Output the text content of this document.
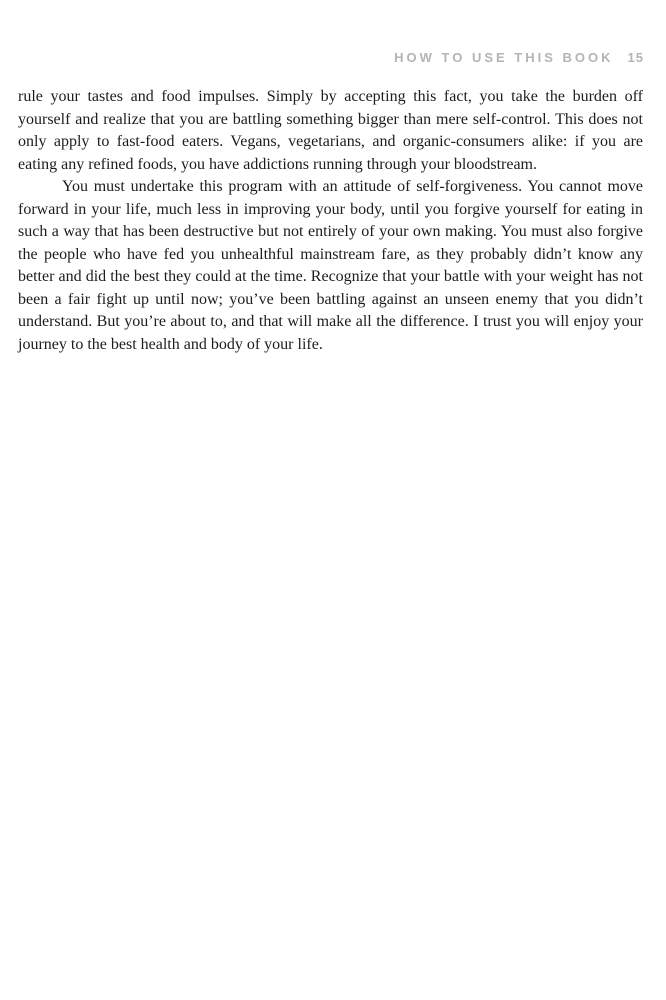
HOW TO USE THIS BOOK 15

rule your tastes and food impulses. Simply by accepting this fact, you take the burden off yourself and realize that you are battling something bigger than mere self-control. This does not only apply to fast-food eaters. Vegans, vegetarians, and organic-consumers alike: if you are eating any refined foods, you have addictions running through your bloodstream.

You must undertake this program with an attitude of self-forgiveness. You cannot move forward in your life, much less in improving your body, until you forgive yourself for eating in such a way that has been destructive but not entirely of your own making. You must also forgive the people who have fed you unhealthful mainstream fare, as they probably didn’t know any better and did the best they could at the time. Recognize that your battle with your weight has not been a fair fight up until now; you’ve been battling against an unseen enemy that you didn’t understand. But you’re about to, and that will make all the difference. I trust you will enjoy your journey to the best health and body of your life.
